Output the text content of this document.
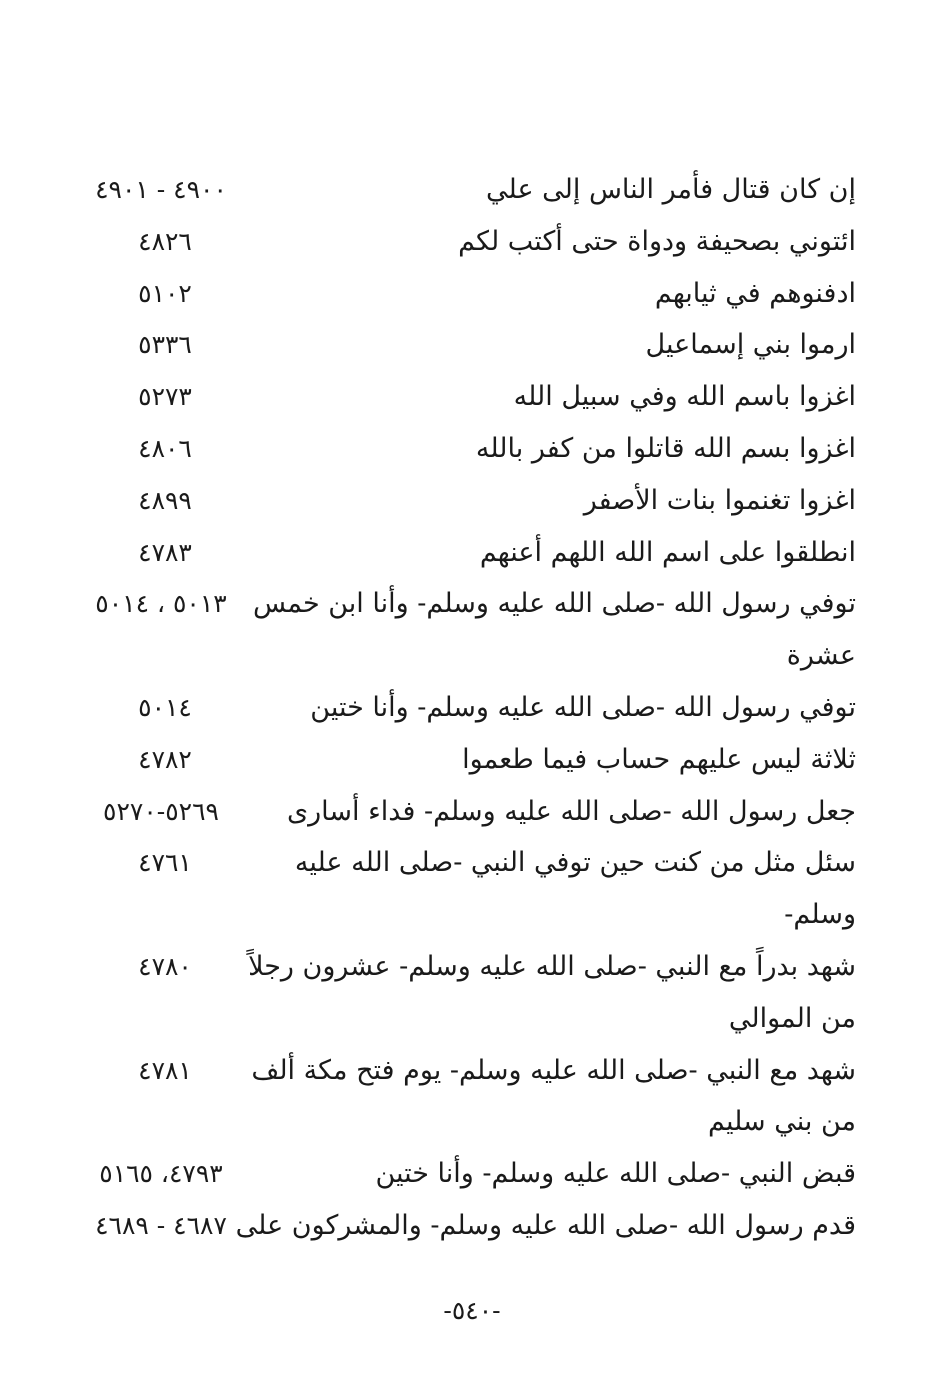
إن كان قتال فأمر الناس إلى علي
٤٩٠٠ - ٤٩٠١
ائتوني بصحيفة ودواة حتى أكتب لكم
٤٨٢٦
ادفنوهم في ثيابهم
٥١٠٢
ارموا بني إسماعيل
٥٣٣٦
اغزوا باسم الله وفي سبيل الله
٥٢٧٣
اغزوا بسم الله قاتلوا من كفر بالله
٤٨٠٦
اغزوا تغنموا بنات الأصفر
٤٨٩٩
انطلقوا على اسم الله اللهم أعنهم
٤٧٨٣
توفي رسول الله -صلى الله عليه وسلم- وأنا ابن خمس
٥٠١٣ ، ٥٠١٤
عشرة
توفي رسول الله -صلى الله عليه وسلم- وأنا ختين
٥٠١٤
ثلاثة ليس عليهم حساب فيما طعموا
٤٧٨٢
جعل رسول الله -صلى الله عليه وسلم- فداء أسارى
٥٢٦٩-٥٢٧٠
سئل مثل من كنت حين توفي النبي -صلى الله عليه
٤٧٦١
وسلم-
شهد بدراً مع النبي -صلى الله عليه وسلم- عشرون رجلاً
٤٧٨٠
من الموالي
شهد مع النبي -صلى الله عليه وسلم- يوم فتح مكة ألف
٤٧٨١
من بني سليم
قبض النبي -صلى الله عليه وسلم- وأنا ختين
٤٧٩٣، ٥١٦٥
قدم رسول الله -صلى الله عليه وسلم- والمشركون على
٤٦٨٧ - ٤٦٨٩
-٥٤٠-
